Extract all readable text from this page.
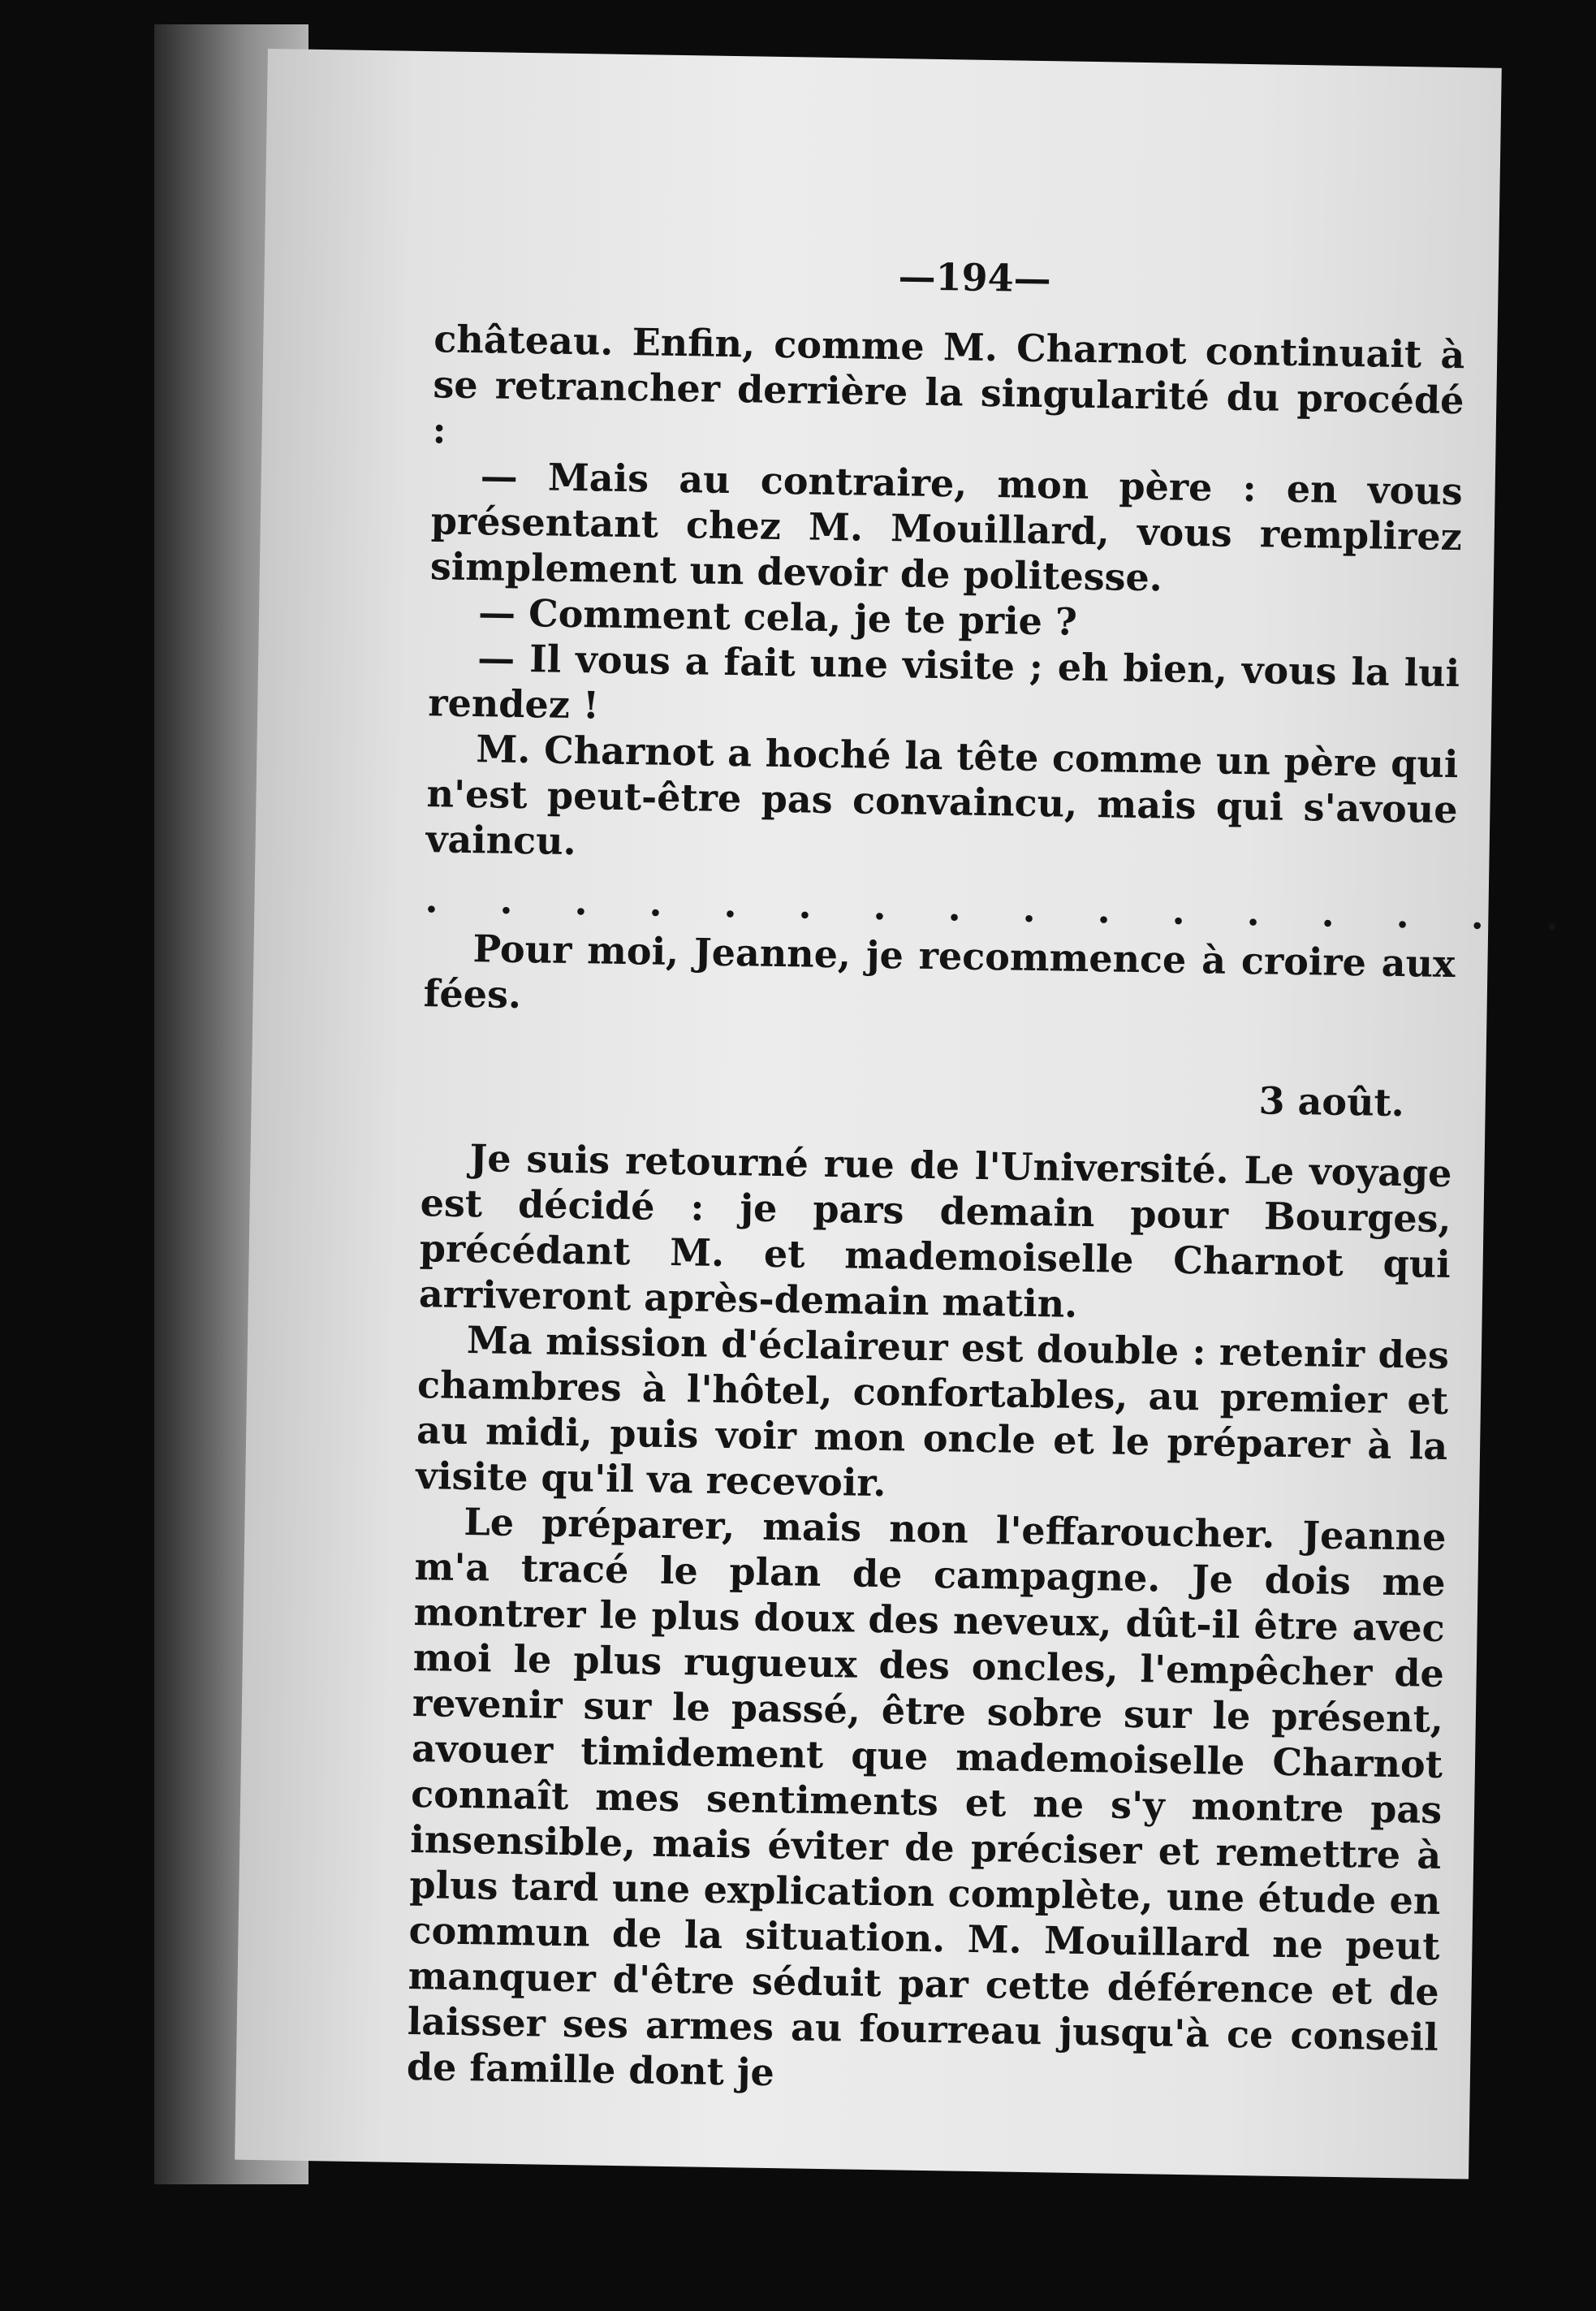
—194—

château. Enfin, comme M. Charnot continuait à se retrancher derrière la singularité du procédé :

— Mais au contraire, mon père : en vous présentant chez M. Mouillard, vous remplirez simplement un devoir de politesse.

— Comment cela, je te prie ?

— Il vous a fait une visite ; eh bien, vous la lui rendez !

M. Charnot a hoché la tête comme un père qui n'est peut-être pas convaincu, mais qui s'avoue vaincu.

. . . . . . . . . . . . . . . .

Pour moi, Jeanne, je recommence à croire aux fées.

3 août.

Je suis retourné rue de l'Université. Le voyage est décidé : je pars demain pour Bourges, précédant M. et mademoiselle Charnot qui arriveront après-demain matin.

Ma mission d'éclaireur est double : retenir des chambres à l'hôtel, confortables, au premier et au midi, puis voir mon oncle et le préparer à la visite qu'il va recevoir.

Le préparer, mais non l'effaroucher. Jeanne m'a tracé le plan de campagne. Je dois me montrer le plus doux des neveux, dût-il être avec moi le plus rugueux des oncles, l'empêcher de revenir sur le passé, être sobre sur le présent, avouer timidement que mademoiselle Charnot connaît mes sentiments et ne s'y montre pas insensible, mais éviter de préciser et remettre à plus tard une explication complète, une étude en commun de la situation. M. Mouillard ne peut manquer d'être séduit par cette déférence et de laisser ses armes au fourreau jusqu'à ce conseil de famille dont je
